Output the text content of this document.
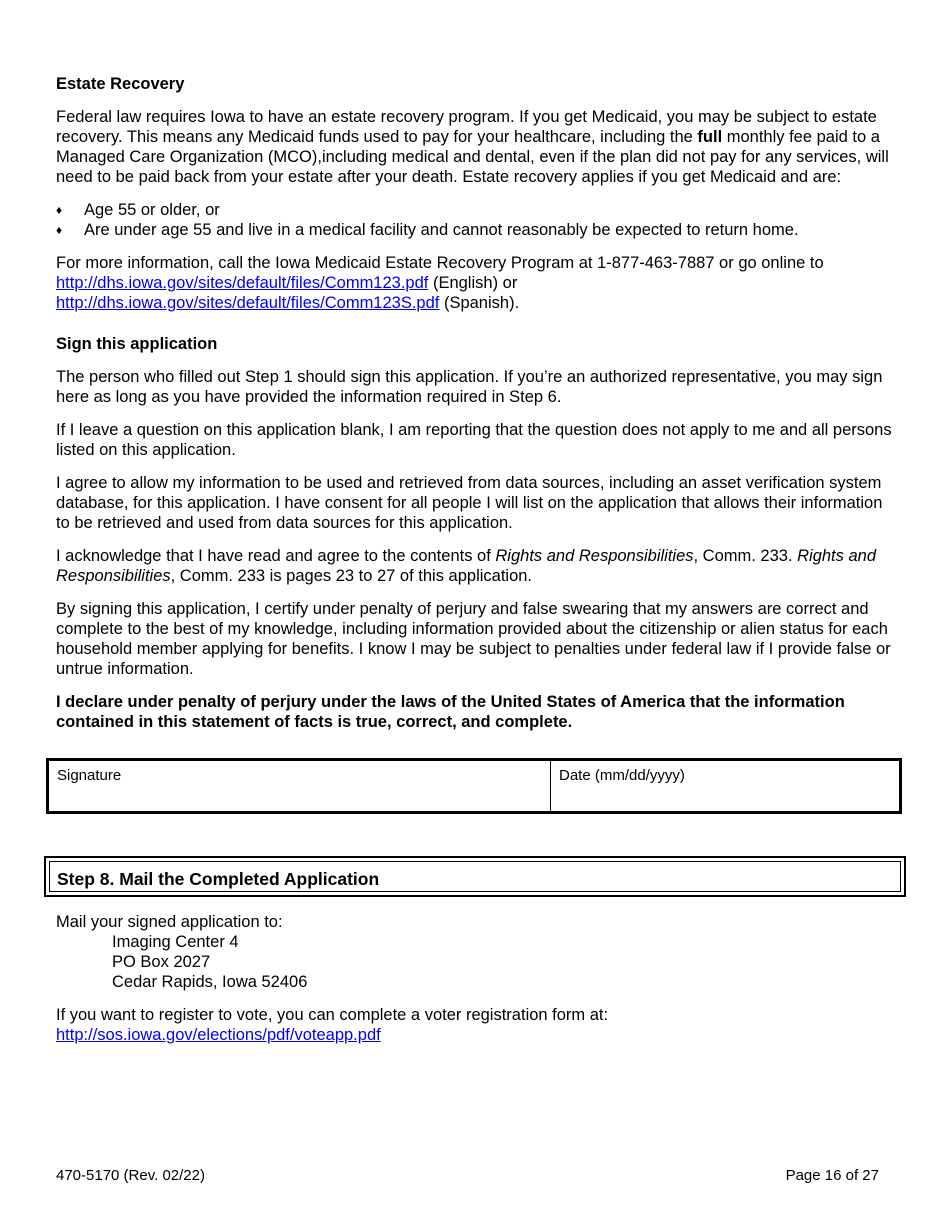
Estate Recovery

Federal law requires Iowa to have an estate recovery program. If you get Medicaid, you may be subject to estate recovery. This means any Medicaid funds used to pay for your healthcare, including the full monthly fee paid to a Managed Care Organization (MCO),including medical and dental, even if the plan did not pay for any services, will need to be paid back from your estate after your death. Estate recovery applies if you get Medicaid and are:

♦ Age 55 or older, or
♦ Are under age 55 and live in a medical facility and cannot reasonably be expected to return home.

For more information, call the Iowa Medicaid Estate Recovery Program at 1-877-463-7887 or go online to
http://dhs.iowa.gov/sites/default/files/Comm123.pdf (English) or
http://dhs.iowa.gov/sites/default/files/Comm123S.pdf (Spanish).

Sign this application

The person who filled out Step 1 should sign this application. If you’re an authorized representative, you may sign here as long as you have provided the information required in Step 6.

If I leave a question on this application blank, I am reporting that the question does not apply to me and all persons listed on this application.

I agree to allow my information to be used and retrieved from data sources, including an asset verification system database, for this application. I have consent for all people I will list on the application that allows their information to be retrieved and used from data sources for this application.

I acknowledge that I have read and agree to the contents of Rights and Responsibilities, Comm. 233. Rights and Responsibilities, Comm. 233 is pages 23 to 27 of this application.

By signing this application, I certify under penalty of perjury and false swearing that my answers are correct and complete to the best of my knowledge, including information provided about the citizenship or alien status for each household member applying for benefits. I know I may be subject to penalties under federal law if I provide false or untrue information.

I declare under penalty of perjury under the laws of the United States of America that the information contained in this statement of facts is true, correct, and complete.

Signature	Date (mm/dd/yyyy)
Step 8. Mail the Completed Application
Mail your signed application to:
Imaging Center 4
PO Box 2027
Cedar Rapids, Iowa 52406
If you want to register to vote, you can complete a voter registration form at:
http://sos.iowa.gov/elections/pdf/voteapp.pdf
470-5170 (Rev. 02/22)	Page 16 of 27
